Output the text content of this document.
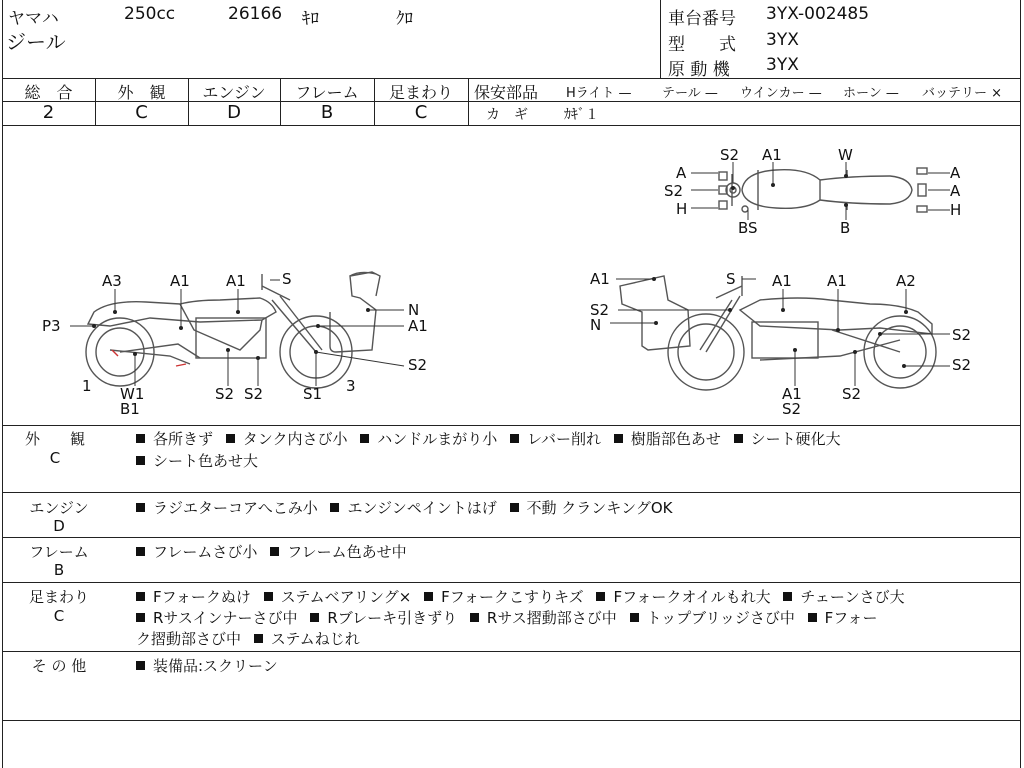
ヤマハ	250cc	26166 ｷﾛ	ｸﾛ
ジール
車台番号 3YX-002485
型　　式 3YX
原 動 機 3YX
総　合
2
外　観
C
エンジン
D
フレーム
B
足まわり
C
保安部品 Hライト — テール — ウインカー — ホーン — バッテリー ×
カ　ギ	ｶｷﾞ１
S2 A1	W
A	A
S2
H
BS	B
A
H
A3	A1 A1 S
N
P3	A1
S2
1 W1
B1
S2 S2	S1 3
A1	S A1 A1	A2
S2
N
S2
S2
A1
S2
S2
外　　観
C
各所きず タンク内さび小 ハンドルまがり小 レバー削れ 樹脂部色あせ シート硬化大
シート色あせ大
エンジン
D
ラジエターコアへこみ小 エンジンペイントはげ 不動 クランキングOK
フレーム
B
フレームさび小 フレーム色あせ中
足まわり
C
Fフォークぬけ ステムベアリング× Fフォークこすりキズ Fフォークオイルもれ大 チェーンさび大
Rサスインナーさび中 Rブレーキ引きずり Rサス摺動部さび中 トップブリッジさび中 Fフォー
ク摺動部さび中 ステムねじれ
そ の 他	装備品:スクリーン
